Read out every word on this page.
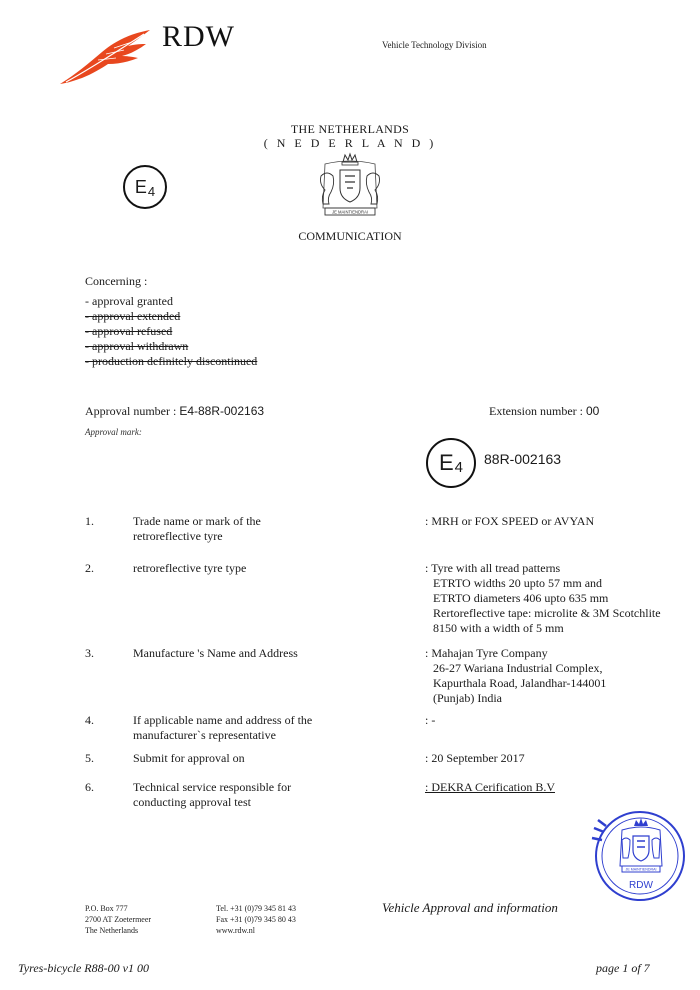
RDW	Vehicle Technology Division
THE NETHERLANDS
( N E D E R L A N D )
E 4
JE MAINTIENDRAI
COMMUNICATION
Concerning :
- approval granted
- approval extended
- approval refused
- approval withdrawn
- production definitely discontinued
Approval number : E4-88R-002163	Extension number : 00
Approval mark:
E 4 88R-002163
1.	Trade name or mark of the retroreflective tyre
: MRH or FOX SPEED or AVYAN
2.	retroreflective tyre type	: Tyre with all tread patterns
ETRTO widths 20 upto 57 mm and
ETRTO diameters 406 upto 635 mm
Rertoreflective tape: microlite & 3M Scotchlite
8150 with a width of 5 mm
3.	Manufacture 's Name and Address	: Mahajan Tyre Company
26-27 Wariana Industrial Complex,
Kapurthala Road, Jalandhar-144001
(Punjab) India
4.	If applicable name and address of the manufacturer`s representative
: -
5.	Submit for approval on	: 20 September 2017
6.	Technical service responsible for conducting approval test
: DEKRA Cerification B.V
JE MAINTIENDRAI
RDW
P.O. Box 777
2700 AT Zoetermeer
The Netherlands
Tel. +31 (0)79 345 81 43
Fax +31 (0)79 345 80 43
www.rdw.nl
Vehicle Approval and information
Tyres-bicycle R88-00 v1 00	page 1 of 7
